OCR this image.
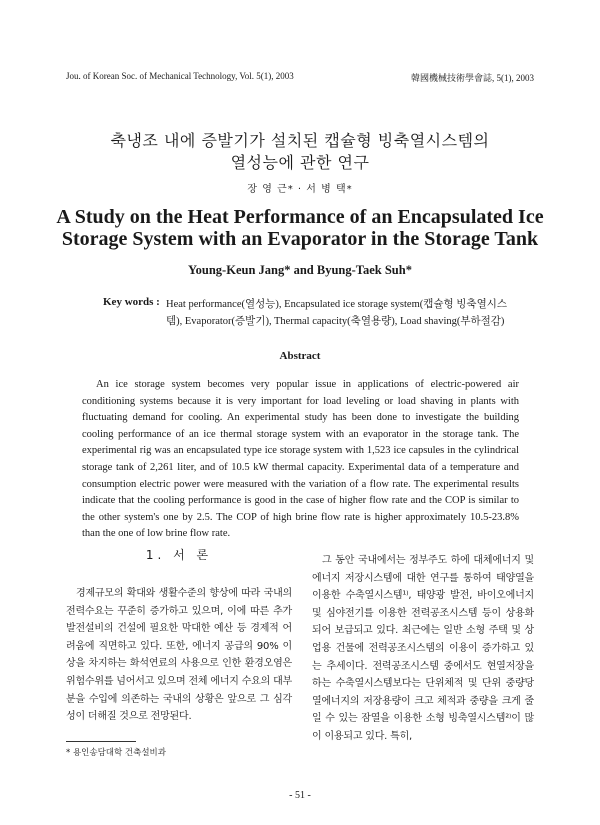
Jou. of Korean Soc. of Mechanical Technology, Vol. 5(1), 2003	韓國機械技術學會誌, 5(1), 2003
축냉조 내에 증발기가 설치된 캡슐형 빙축열시스템의
열성능에 관한 연구
장 영 근* · 서 병 택*
A Study on the Heat Performance of an Encapsulated Ice
Storage System with an Evaporator in the Storage Tank
Young-Keun Jang* and Byung-Taek Suh*
Key words : Heat performance(열성능), Encapsulated ice storage system(캡슐형 빙축열시스템), Evaporator(증발기), Thermal capacity(축열용량), Load shaving(부하절감)
Abstract

An ice storage system becomes very popular issue in applications of electric-powered air conditioning systems because it is very important for load leveling or load shaving in plants with fluctuating demand for cooling. An experimental study has been done to investigate the building cooling performance of an ice thermal storage system with an evaporator in the storage tank. The experimental rig was an encapsulated type ice storage system with 1,523 ice capsules in the cylindrical storage tank of 2,261 liter, and of 10.5 kW thermal capacity. Experimental data of a temperature and consumption electric power were measured with the variation of a flow rate. The experimental results indicate that the cooling performance is good in the case of higher flow rate and the COP is similar to the other system's one by 2.5. The COP of high brine flow rate is higher approximately 10.5-23.8% than the one of low brine flow rate.

1. 서 론

경제규모의 확대와 생활수준의 향상에 따라 국내의 전력수요는 꾸준히 증가하고 있으며, 이에 따른 추가 발전설비의 건설에 필요한 막대한 예산 등 경제적 어려움에 직면하고 있다. 또한, 에너지 공급의 90% 이상을 차지하는 화석연료의 사용으로 인한 환경오염은 위험수위를 넘어서고 있으며 전체 에너지 수요의 대부분을 수입에 의존하는 국내의 상황은 앞으로 그 심각성이 더해질 것으로 전망된다.

그 동안 국내에서는 정부주도 하에 대체에너지 및 에너지 저장시스템에 대한 연구를 통하여 태양열을 이용한 수축열시스템¹⁾, 태양광 발전, 바이오에너지 및 심야전기를 이용한 전력공조시스템 등이 상용화되어 보급되고 있다. 최근에는 일반 소형 주택 및 상업용 건물에 전력공조시스템의 이용이 증가하고 있는 추세이다. 전력공조시스템 중에서도 현열저장을 하는 수축열시스템보다는 단위체적 및 단위 중량당 열에너지의 저장용량이 크고 체적과 중량을 크게 줄일 수 있는 잠열을 이용한 소형 빙축열시스템²⁾이 많이 이용되고 있다. 특히,

* 용인송담대학 건축설비과
- 51 -
